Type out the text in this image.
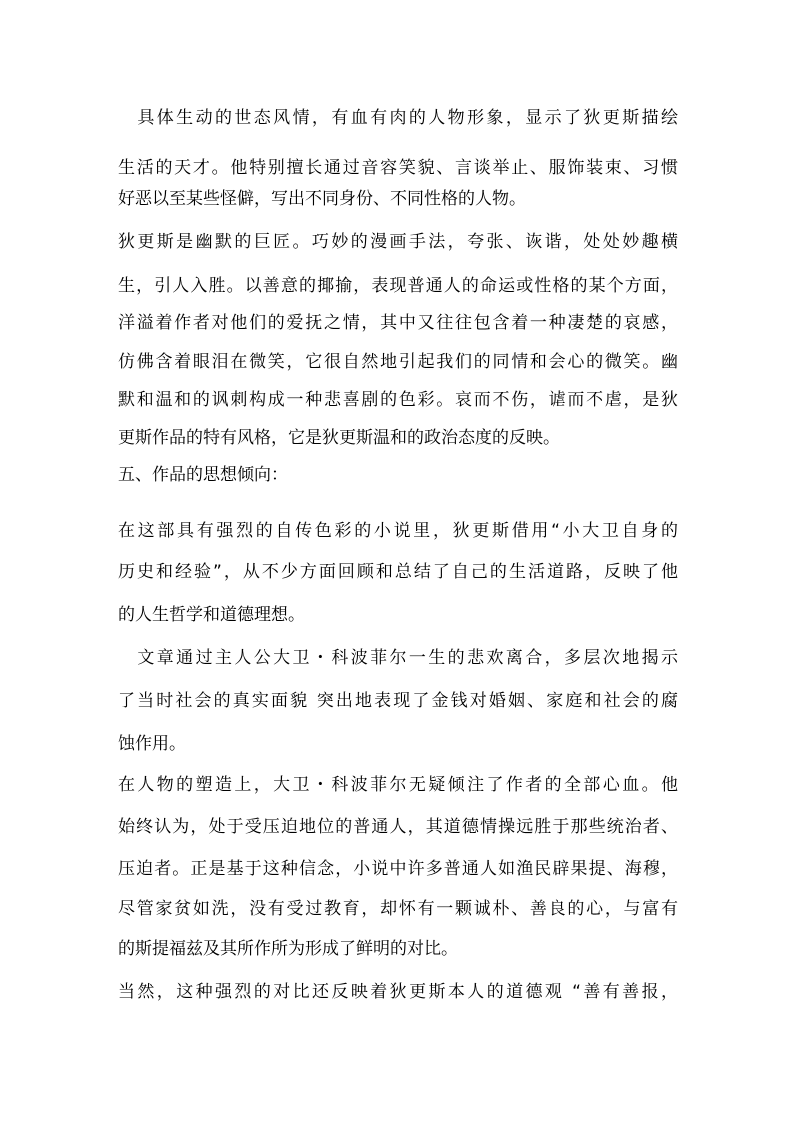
　具体生动的世态风情，有血有肉的人物形象，显示了狄更斯描绘
生活的天才。他特别擅长通过音容笑貌、言谈举止、服饰装束、习惯
好恶以至某些怪僻，写出不同身份、不同性格的人物。
狄更斯是幽默的巨匠。巧妙的漫画手法，夸张、诙谐，处处妙趣横
生，引人入胜。以善意的揶揄，表现普通人的命运或性格的某个方面，
洋溢着作者对他们的爱抚之情，其中又往往包含着一种凄楚的哀感，
仿佛含着眼泪在微笑，它很自然地引起我们的同情和会心的微笑。幽
默和温和的讽刺构成一种悲喜剧的色彩。哀而不伤，谑而不虐，是狄
更斯作品的特有风格，它是狄更斯温和的政治态度的反映。
五、作品的思想倾向：
在这部具有强烈的自传色彩的小说里，狄更斯借用“小大卫自身的
历史和经验”，从不少方面回顾和总结了自己的生活道路，反映了他
的人生哲学和道德理想。
　文章通过主人公大卫・科波菲尔一生的悲欢离合，多层次地揭示
了当时社会的真实面貌 突出地表现了金钱对婚姻、家庭和社会的腐
蚀作用。
在人物的塑造上，大卫・科波菲尔无疑倾注了作者的全部心血。他
始终认为，处于受压迫地位的普通人，其道德情操远胜于那些统治者、
压迫者。正是基于这种信念，小说中许多普通人如渔民辟果提、海穆，
尽管家贫如洗，没有受过教育，却怀有一颗诚朴、善良的心，与富有
的斯提福兹及其所作所为形成了鲜明的对比。
当然，这种强烈的对比还反映着狄更斯本人的道德观 “善有善报，
